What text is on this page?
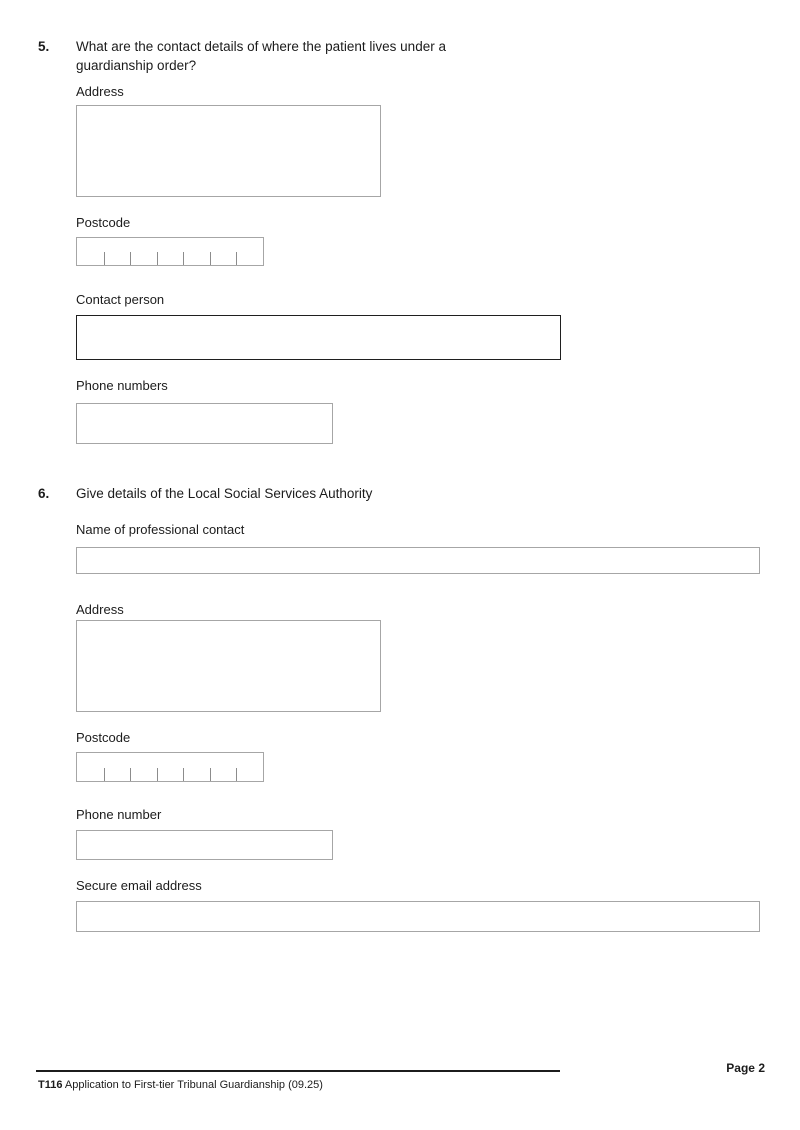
5. What are the contact details of where the patient lives under a guardianship order?
Address
Postcode
Contact person
Phone numbers
6. Give details of the Local Social Services Authority
Name of professional contact
Address
Postcode
Phone number
Secure email address
Page 2
T116 Application to First-tier Tribunal Guardianship (09.25)
